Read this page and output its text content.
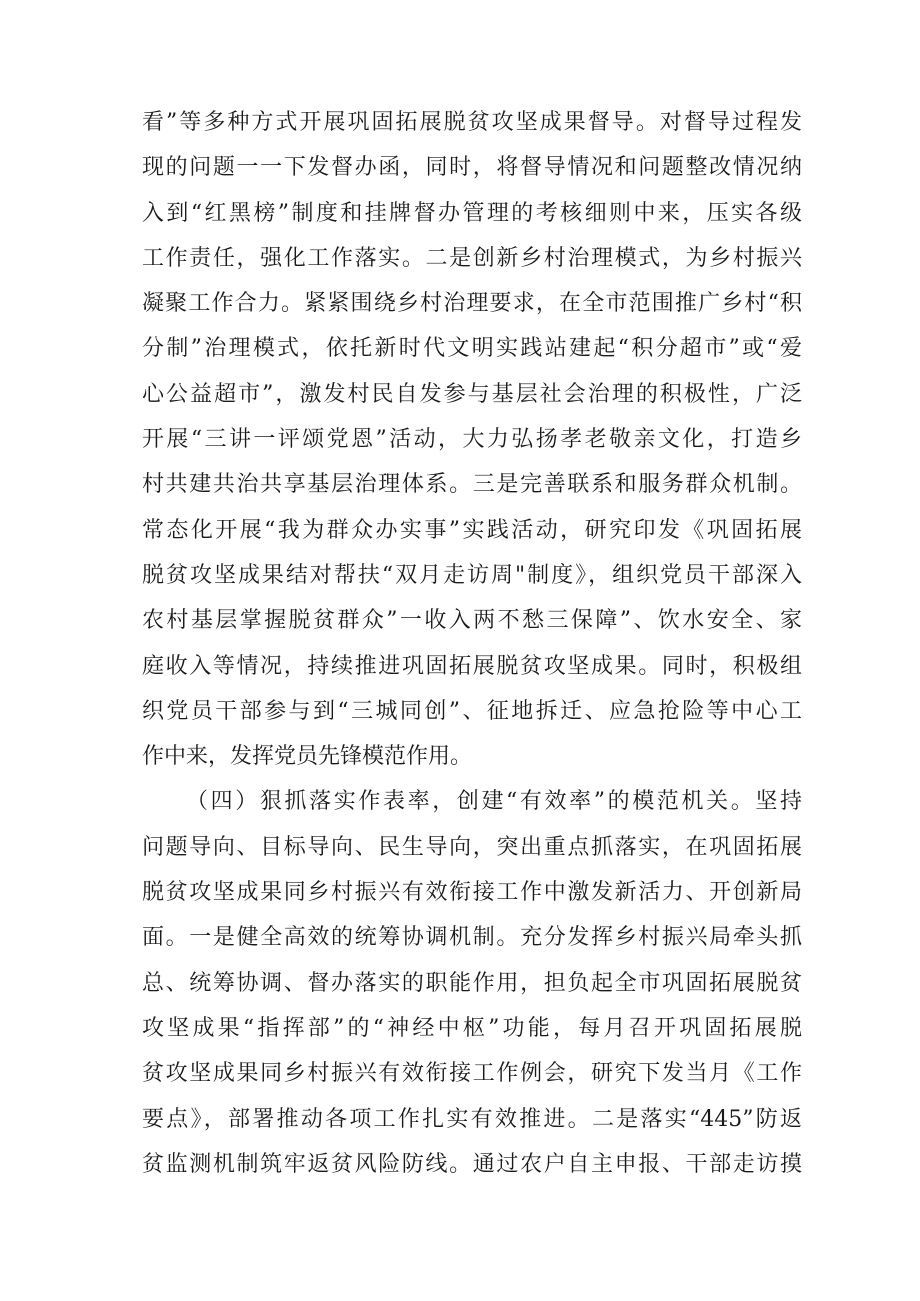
看”等多种方式开展巩固拓展脱贫攻坚成果督导。对督导过程发
现的问题一一下发督办函，同时，将督导情况和问题整改情况纳
入到“红黑榜”制度和挂牌督办管理的考核细则中来，压实各级
工作责任，强化工作落实。二是创新乡村治理模式，为乡村振兴
凝聚工作合力。紧紧围绕乡村治理要求，在全市范围推广乡村“积
分制”治理模式，依托新时代文明实践站建起“积分超市”或“爱
心公益超市”，激发村民自发参与基层社会治理的积极性，广泛
开展“三讲一评颂党恩”活动，大力弘扬孝老敬亲文化，打造乡
村共建共治共享基层治理体系。三是完善联系和服务群众机制。
常态化开展“我为群众办实事”实践活动，研究印发《巩固拓展
脱贫攻坚成果结对帮扶“双月走访周"制度》，组织党员干部深入
农村基层掌握脱贫群众”一收入两不愁三保障”、饮水安全、家
庭收入等情况，持续推进巩固拓展脱贫攻坚成果。同时，积极组
织党员干部参与到“三城同创”、征地拆迁、应急抢险等中心工
作中来，发挥党员先锋模范作用。
（四）狠抓落实作表率，创建“有效率”的模范机关。坚持
问题导向、目标导向、民生导向，突出重点抓落实，在巩固拓展
脱贫攻坚成果同乡村振兴有效衔接工作中激发新活力、开创新局
面。一是健全高效的统筹协调机制。充分发挥乡村振兴局牵头抓
总、统筹协调、督办落实的职能作用，担负起全市巩固拓展脱贫
攻坚成果“指挥部”的“神经中枢”功能，每月召开巩固拓展脱
贫攻坚成果同乡村振兴有效衔接工作例会，研究下发当月《工作
要点》，部署推动各项工作扎实有效推进。二是落实“445”防返
贫监测机制筑牢返贫风险防线。通过农户自主申报、干部走访摸
